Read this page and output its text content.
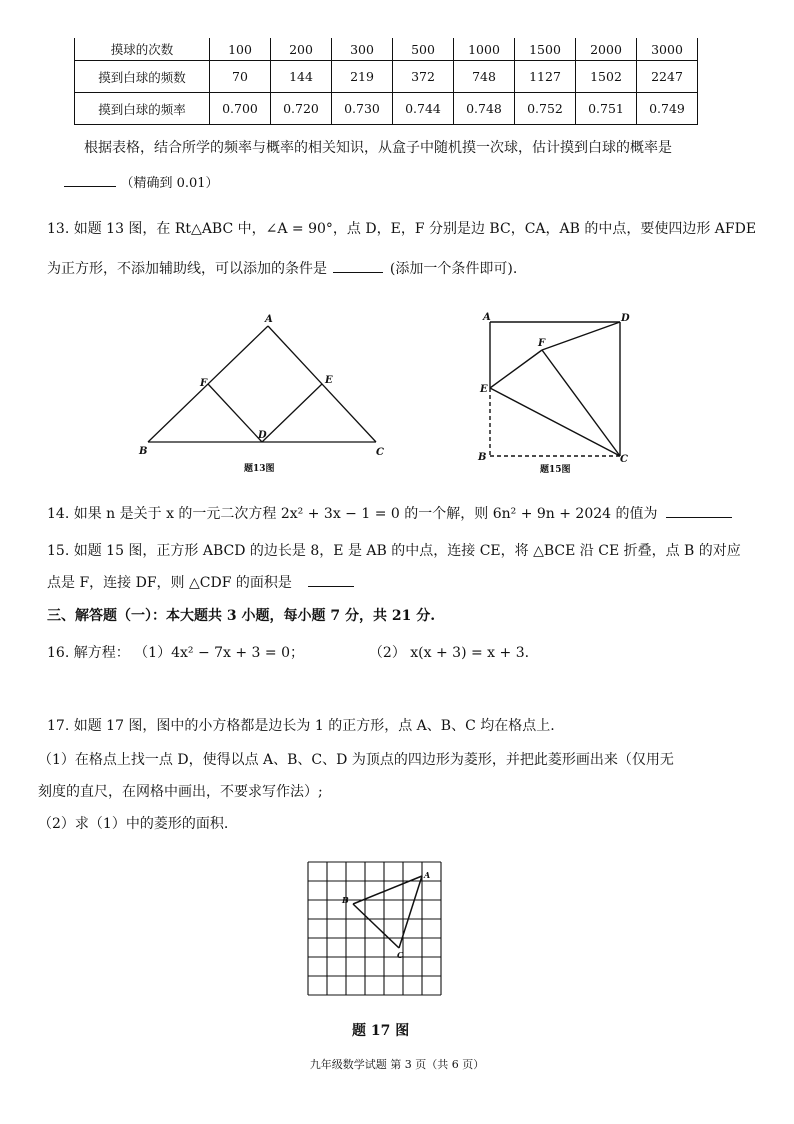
摸球的次数	100	200	300	500	1000	1500	2000	3000
摸到白球的频数	70	144	219	372	748	1127	1502	2247
摸到白球的频率	0.700	0.720	0.730	0.744	0.748	0.752	0.751	0.749
根据表格，结合所学的频率与概率的相关知识，从盒子中随机摸一次球，估计摸到白球的概率是
（精确到 0.01）
13. 如题 13 图，在 Rt△ABC 中，∠A = 90°，点 D，E，F 分别是边 BC，CA，AB 的中点，要使四边形 AFDE
为正方形，不添加辅助线，可以添加的条件是	(添加一个条件即可).
A
B	C
D
E
F
题13图
A
B	C
D
E
F
题15图
14. 如果 n 是关于 x 的一元二次方程 2x² + 3x − 1 = 0 的一个解，则 6n² + 9n + 2024 的值为
15. 如题 15 图，正方形 ABCD 的边长是 8，E 是 AB 的中点，连接 CE，将 △BCE 沿 CE 折叠，点 B 的对应
点是 F，连接 DF，则 △CDF 的面积是
三、解答题（一）：本大题共 3 小题，每小题 7 分，共 21 分.
16. 解方程： （1）4x² − 7x + 3 = 0；	（2） x(x + 3) = x + 3.
17. 如题 17 图，图中的小方格都是边长为 1 的正方形，点 A、B、C 均在格点上.
（1）在格点上找一点 D，使得以点 A、B、C、D 为顶点的四边形为菱形，并把此菱形画出来（仅用无
刻度的直尺，在网格中画出，不要求写作法）;
（2）求（1）中的菱形的面积.
A
B
C
题 17 图
九年级数学试题 第 3 页（共 6 页）
